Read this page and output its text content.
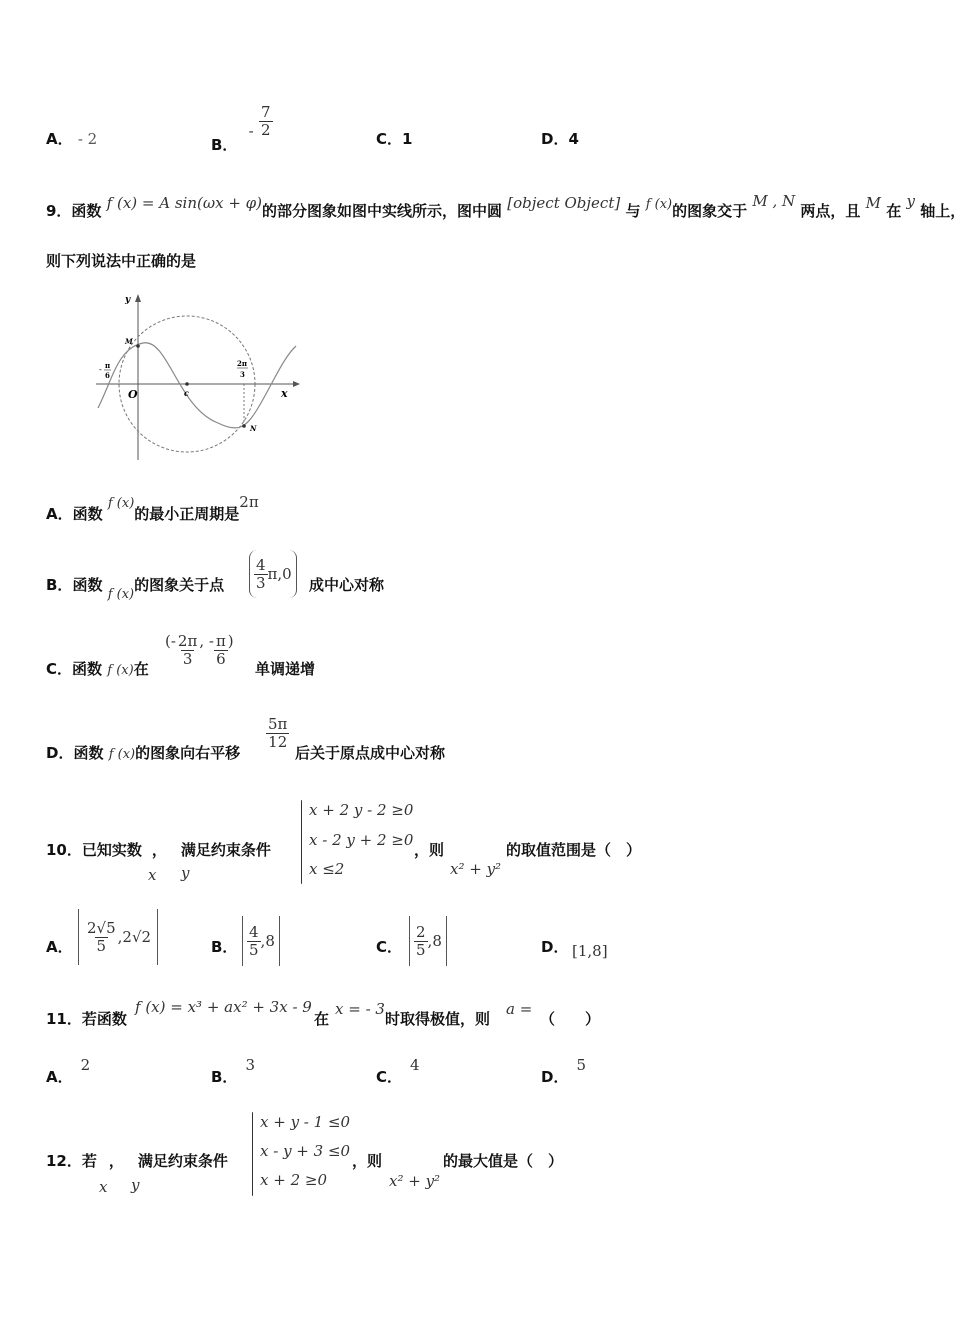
A． - 2	B． - $\frac{7}{2}$
C．1	D．4
9．函数 f (x) = A sin(ωx + φ)的部分图象如图中实线所示，图中圆 [object Object] 与 f (x)的图象交于 M , N 两点，且 M 在 y 轴上，
则下列说法中正确的是
y
x
O
M
N
c
- π
6
2π
3
A．函数 f (x)的最小正周期是2π
B．函数 f (x)的图象关于点 $\frac{4}{3} \pi,0$
成中心对称
C．函数 f (x)在
(- $\frac{2\pi}{3}$ , - $\frac{\pi}{6}$ )
单调递增
D．函数 f (x)的图象向右平移
$\frac{5\pi}{12}$
后关于原点成中心对称
10．已知实数 ， 满足约束条件
x y
x + 2 y - 2 ≥0
x - 2 y + 2 ≥0
x ≤2
，则
x² + y²
的取值范围是（　）
A． $\frac{2√5}{5} ,2√2$
B． $\frac{4}{5} ,8$	C． $\frac{2}{5} ,8$	D． [1,8]
11．若函数
f (x) = x³ + ax² + 3x - 9
在
x = - 3
时取得极值，则
a =
（　　）
A．2
B．3
C．4
D．5
12．若 ， 满足约束条件
x y
x + y - 1 ≤0
x - y + 3 ≤0
x + 2 ≥0
，则
x² + y²
的最大值是（　）
